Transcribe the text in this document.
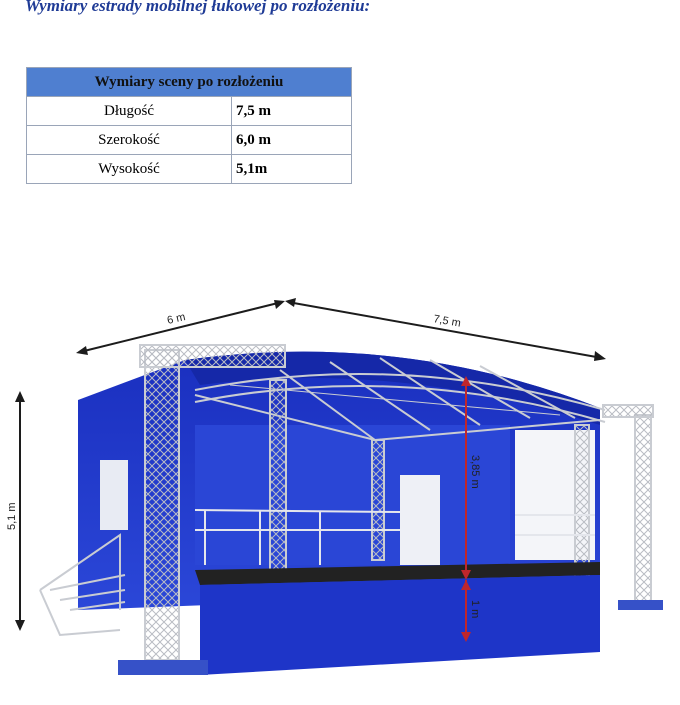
Wymiary estrady mobilnej łukowej po rozłożeniu:
Wymiary sceny po rozłożeniu	
Długość	7,5 m
Szerokość	6,0 m
Wysokość	5,1m
3,85 m
1 m
6 m	7,5 m
5,1 m
